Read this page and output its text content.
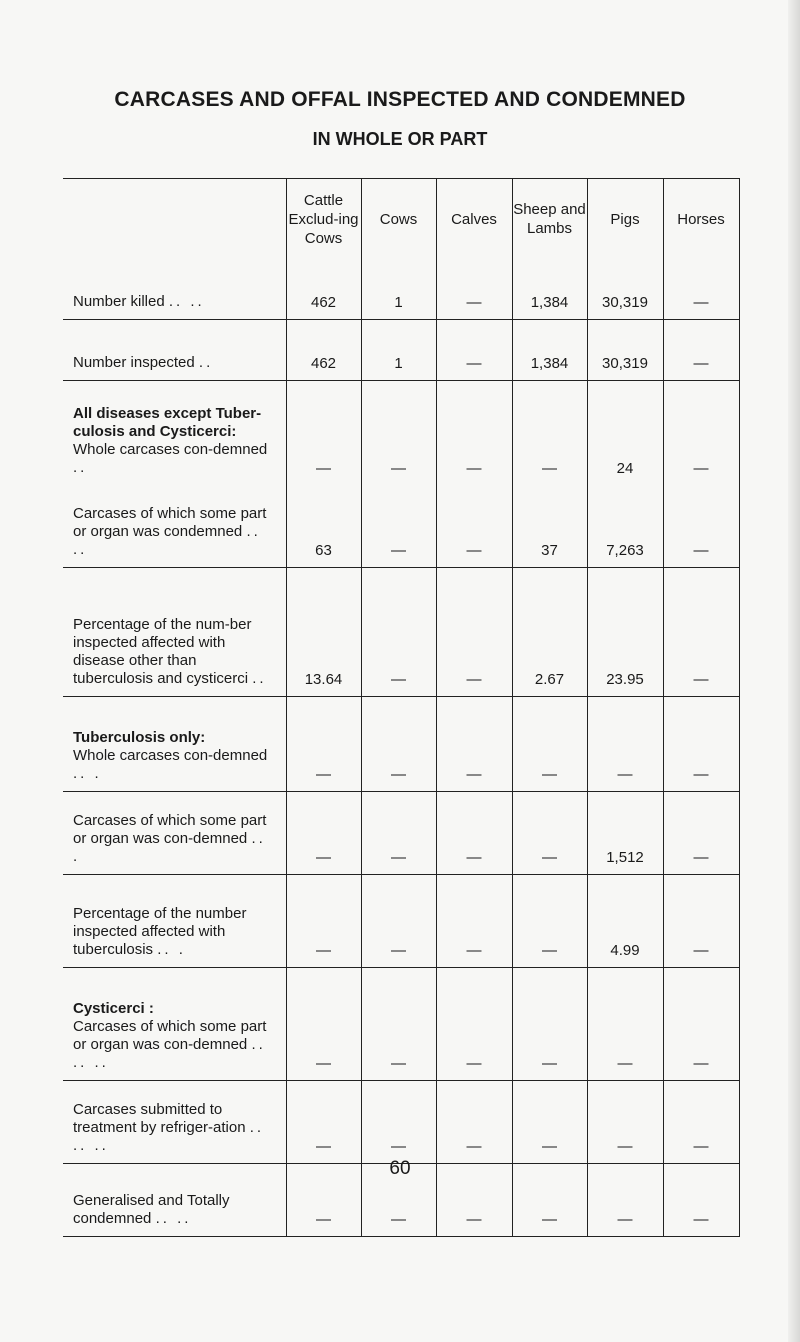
CARCASES AND OFFAL INSPECTED AND CONDEMNED
IN WHOLE OR PART
	Cattle Exclud-ing Cows	Cows	Calves	Sheep and Lambs	Pigs	Horses
Number killed .. ..	462	1	—	1,384	30,319	—
Number inspected ..	462	1	—	1,384	30,319	—

All diseases except Tuber-culosis and Cysticerci:
Whole carcases con-demned ..	—	—	—	—	24	—
Carcases of which some part or organ was condemned .. ..	63	—	—	37	7,263	—
Percentage of the num-ber inspected affected with disease other than tuberculosis and cysticerci ..	13.64	—	—	2.67	23.95	—

Tuberculosis only:
Whole carcases con-demned .. .	—	—	—	—	—	—
Carcases of which some part or organ was con-demned .. .	—	—	—	—	1,512	—
Percentage of the number inspected affected with tuberculosis .. .	—	—	—	—	4.99	—

Cysticerci :
Carcases of which some part or organ was con-demned .. .. ..	—	—	—	—	—	—
Carcases submitted to treatment by refriger-ation .. .. ..	—	—	—	—	—	—
Generalised and Totally condemned .. ..	—	—	—	—	—	—
60
